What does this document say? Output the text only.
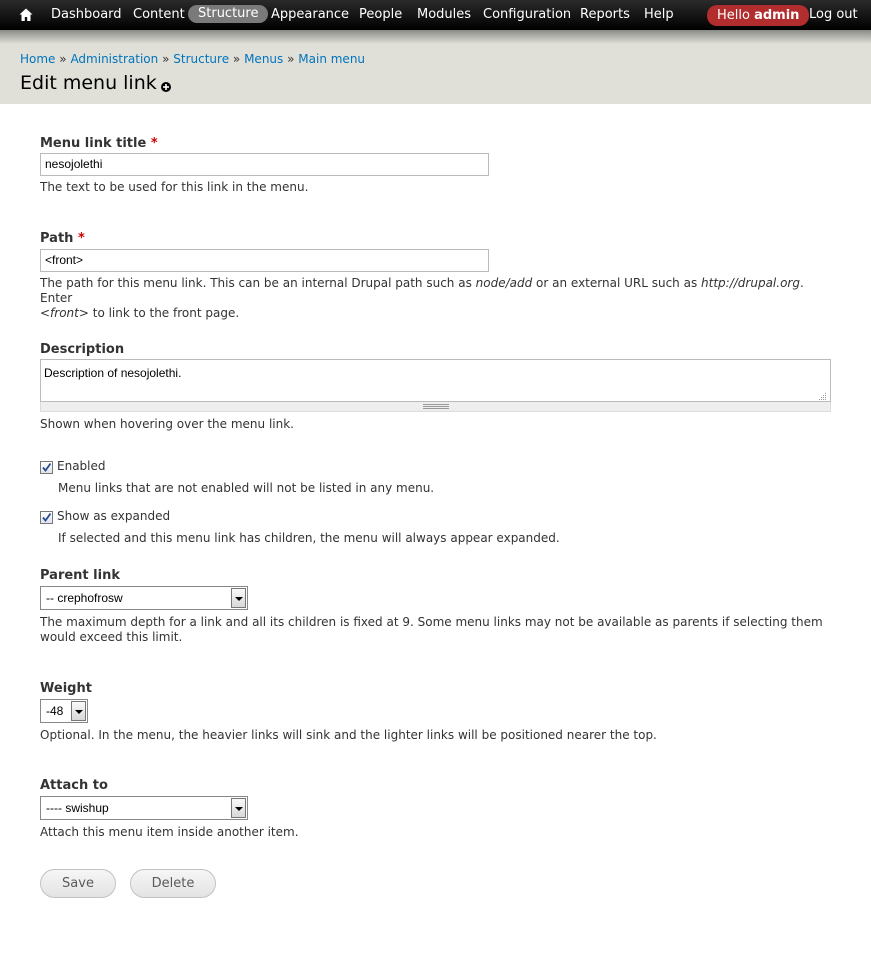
Dashboard Content	Structure Appearance People Modules Configuration Reports Help	Hello admin Log out
Home » Administration » Structure » Menus » Main menu
Edit menu link
Menu link title *
nesojolethi
The text to be used for this link in the menu.
Path *
<front>
The path for this menu link. This can be an internal Drupal path such as node/add or an external URL such as http://drupal.org. Enter
<front> to link to the front page.
Description
Description of nesojolethi.
Shown when hovering over the menu link.
Enabled
Menu links that are not enabled will not be listed in any menu.
Show as expanded
If selected and this menu link has children, the menu will always appear expanded.
Parent link
-- crephofrosw
The maximum depth for a link and all its children is fixed at 9. Some menu links may not be available as parents if selecting them would exceed this limit.
Weight
-48
Optional. In the menu, the heavier links will sink and the lighter links will be positioned nearer the top.
Attach to
---- swishup
Attach this menu item inside another item.
Save	Delete
